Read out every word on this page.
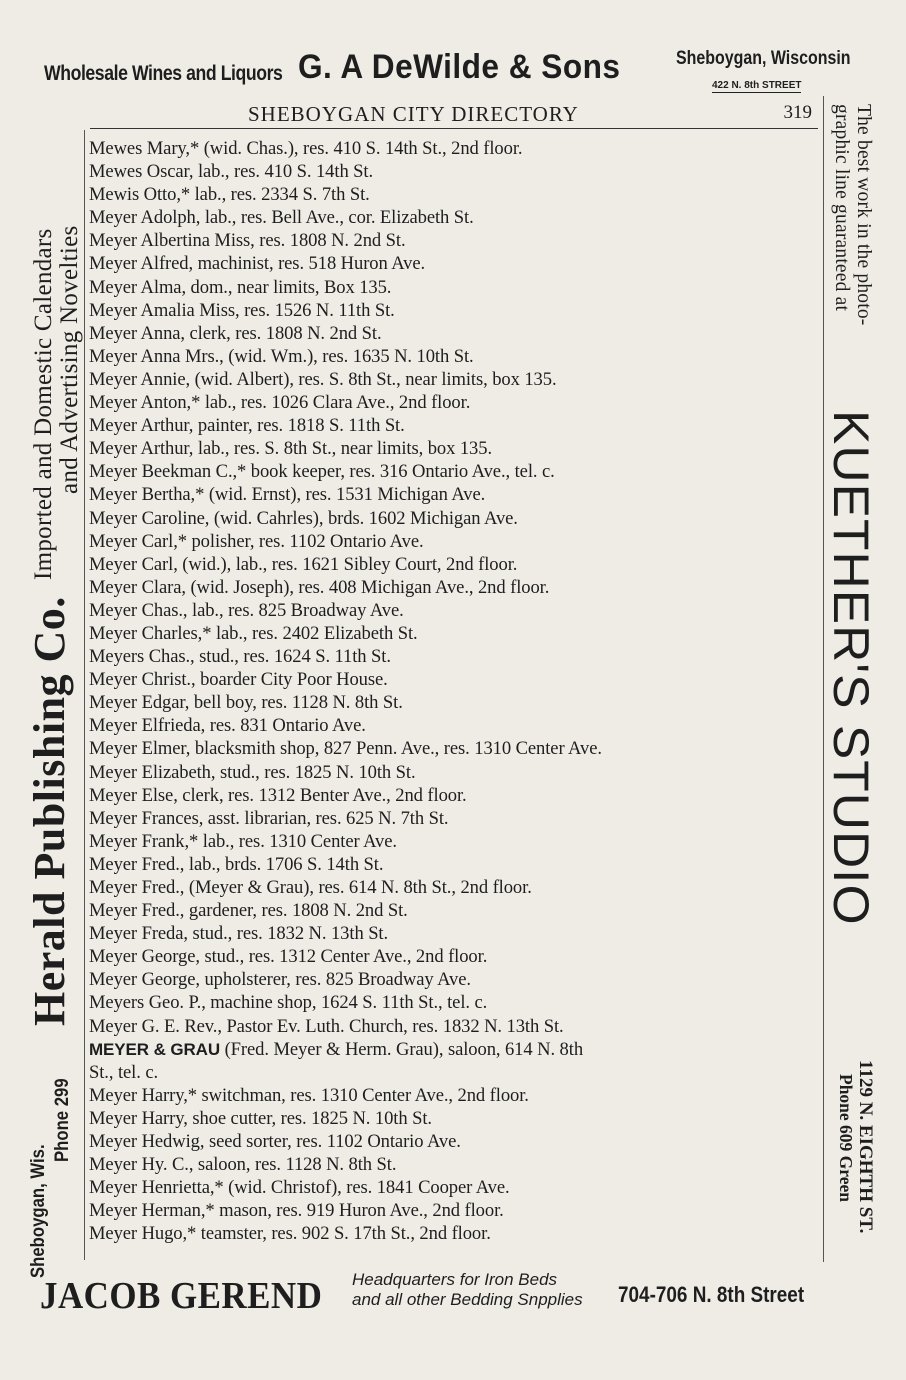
Wholesale Wines and Liquors G. A DeWilde & Sons	Sheboygan, Wisconsin
422 N. 8th STREET
SHEBOYGAN CITY DIRECTORY	319
Mewes Mary,* (wid. Chas.), res. 410 S. 14th St., 2nd floor.
Mewes Oscar, lab., res. 410 S. 14th St.
Mewis Otto,* lab., res. 2334 S. 7th St.
Meyer Adolph, lab., res. Bell Ave., cor. Elizabeth St.
Meyer Albertina Miss, res. 1808 N. 2nd St.
Meyer Alfred, machinist, res. 518 Huron Ave.
Meyer Alma, dom., near limits, Box 135.
Meyer Amalia Miss, res. 1526 N. 11th St.
Meyer Anna, clerk, res. 1808 N. 2nd St.
Meyer Anna Mrs., (wid. Wm.), res. 1635 N. 10th St.
Meyer Annie, (wid. Albert), res. S. 8th St., near limits, box 135.
Meyer Anton,* lab., res. 1026 Clara Ave., 2nd floor.
Meyer Arthur, painter, res. 1818 S. 11th St.
Meyer Arthur, lab., res. S. 8th St., near limits, box 135.
Meyer Beekman C.,* book keeper, res. 316 Ontario Ave., tel. c.
Meyer Bertha,* (wid. Ernst), res. 1531 Michigan Ave.
Meyer Caroline, (wid. Cahrles), brds. 1602 Michigan Ave.
Meyer Carl,* polisher, res. 1102 Ontario Ave.
Meyer Carl, (wid.), lab., res. 1621 Sibley Court, 2nd floor.
Meyer Clara, (wid. Joseph), res. 408 Michigan Ave., 2nd floor.
Meyer Chas., lab., res. 825 Broadway Ave.
Meyer Charles,* lab., res. 2402 Elizabeth St.
Meyers Chas., stud., res. 1624 S. 11th St.
Meyer Christ., boarder City Poor House.
Meyer Edgar, bell boy, res. 1128 N. 8th St.
Meyer Elfrieda, res. 831 Ontario Ave.
Meyer Elmer, blacksmith shop, 827 Penn. Ave., res. 1310 Center Ave.
Meyer Elizabeth, stud., res. 1825 N. 10th St.
Meyer Else, clerk, res. 1312 Benter Ave., 2nd floor.
Meyer Frances, asst. librarian, res. 625 N. 7th St.
Meyer Frank,* lab., res. 1310 Center Ave.
Meyer Fred., lab., brds. 1706 S. 14th St.
Meyer Fred., (Meyer & Grau), res. 614 N. 8th St., 2nd floor.
Meyer Fred., gardener, res. 1808 N. 2nd St.
Meyer Freda, stud., res. 1832 N. 13th St.
Meyer George, stud., res. 1312 Center Ave., 2nd floor.
Meyer George, upholsterer, res. 825 Broadway Ave.
Meyers Geo. P., machine shop, 1624 S. 11th St., tel. c.
Meyer G. E. Rev., Pastor Ev. Luth. Church, res. 1832 N. 13th St.
MEYER & GRAU (Fred. Meyer & Herm. Grau), saloon, 614 N. 8th
St., tel. c.
Meyer Harry,* switchman, res. 1310 Center Ave., 2nd floor.
Meyer Harry, shoe cutter, res. 1825 N. 10th St.
Meyer Hedwig, seed sorter, res. 1102 Ontario Ave.
Meyer Hy. C., saloon, res. 1128 N. 8th St.
Meyer Henrietta,* (wid. Christof), res. 1841 Cooper Ave.
Meyer Herman,* mason, res. 919 Huron Ave., 2nd floor.
Meyer Hugo,* teamster, res. 902 S. 17th St., 2nd floor.
Imported and Domestic Calendars and Advertising Novelties
Herald Publishing Co.
Sheboygan, Wis.
Phone 299
The best work in the photo-
graphic line guaranteed at
KUETHER'S STUDIO
1129 N. EIGHTH ST.
Phone 609 Green
JACOB GEREND Headquarters for Iron Beds
and all other Bedding Snpplies 704-706 N. 8th Street
